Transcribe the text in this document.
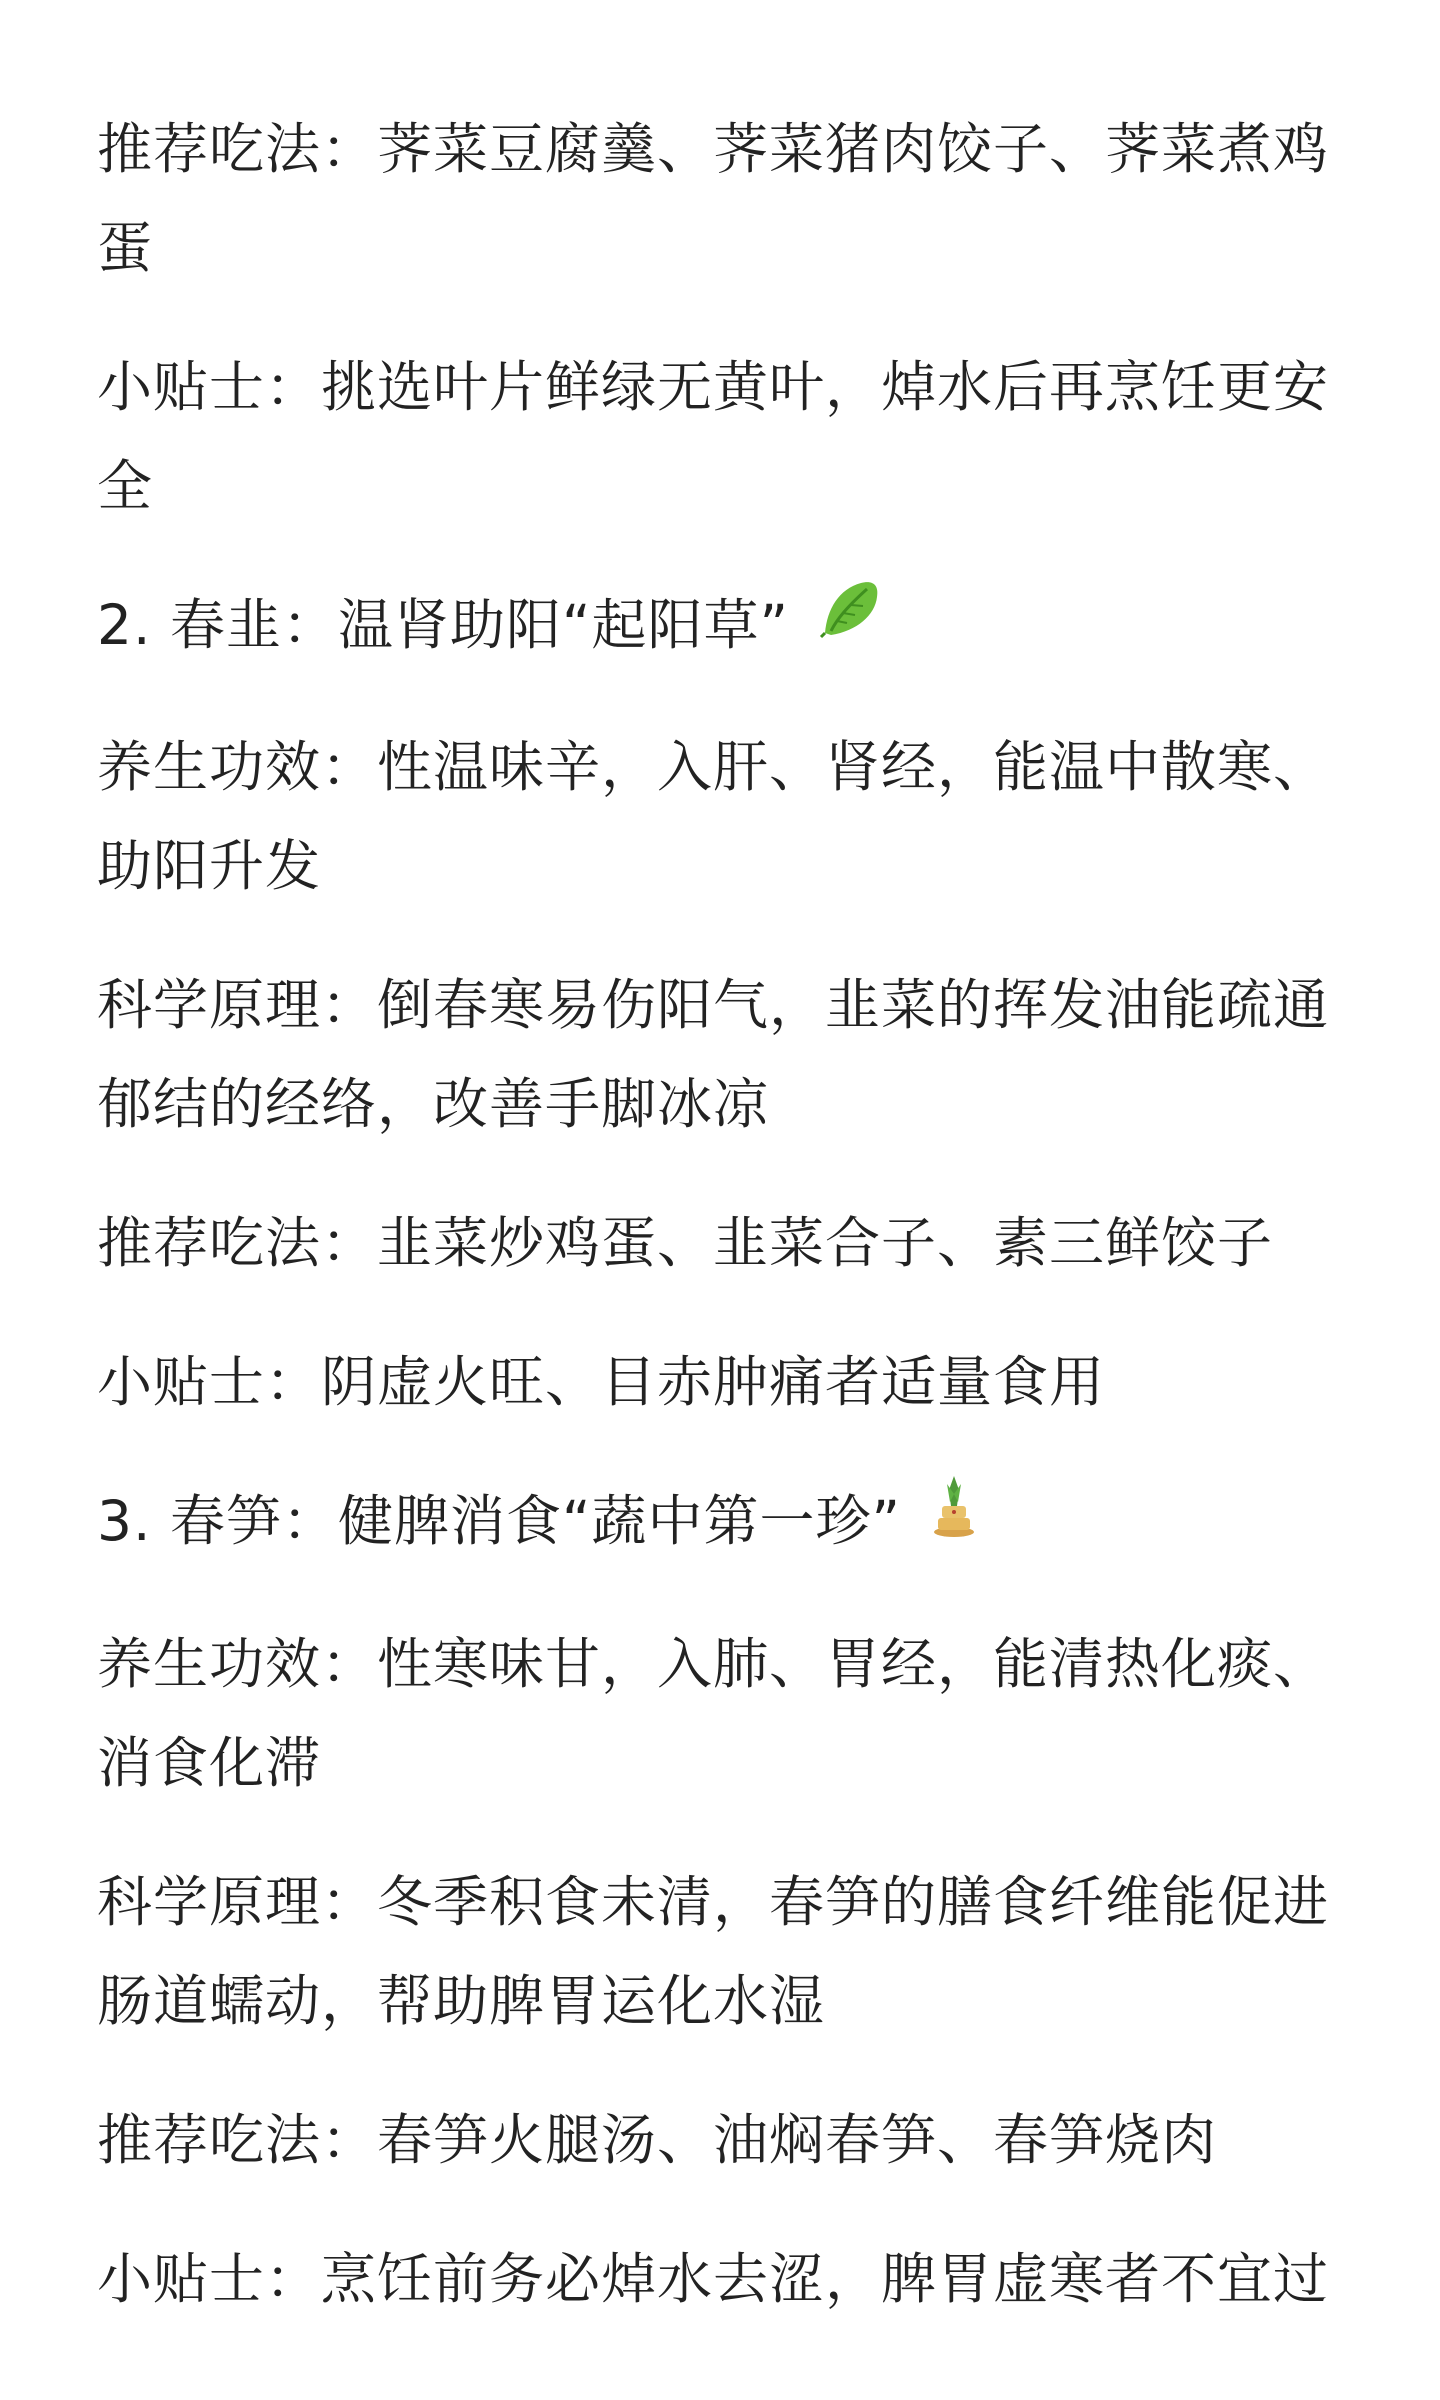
推荐吃法：荠菜豆腐羹、荠菜猪肉饺子、荠菜煮鸡蛋

小贴士：挑选叶片鲜绿无黄叶，焯水后再烹饪更安全

2. 春韭：温肾助阳“起阳草”

养生功效：性温味辛，入肝、肾经，能温中散寒、助阳升发

科学原理：倒春寒易伤阳气，韭菜的挥发油能疏通郁结的经络，改善手脚冰凉

推荐吃法：韭菜炒鸡蛋、韭菜合子、素三鲜饺子

小贴士：阴虚火旺、目赤肿痛者适量食用

3. 春笋：健脾消食“蔬中第一珍”

养生功效：性寒味甘，入肺、胃经，能清热化痰、消食化滞

科学原理：冬季积食未清，春笋的膳食纤维能促进肠道蠕动，帮助脾胃运化水湿

推荐吃法：春笋火腿汤、油焖春笋、春笋烧肉

小贴士：烹饪前务必焯水去涩，脾胃虚寒者不宜过
